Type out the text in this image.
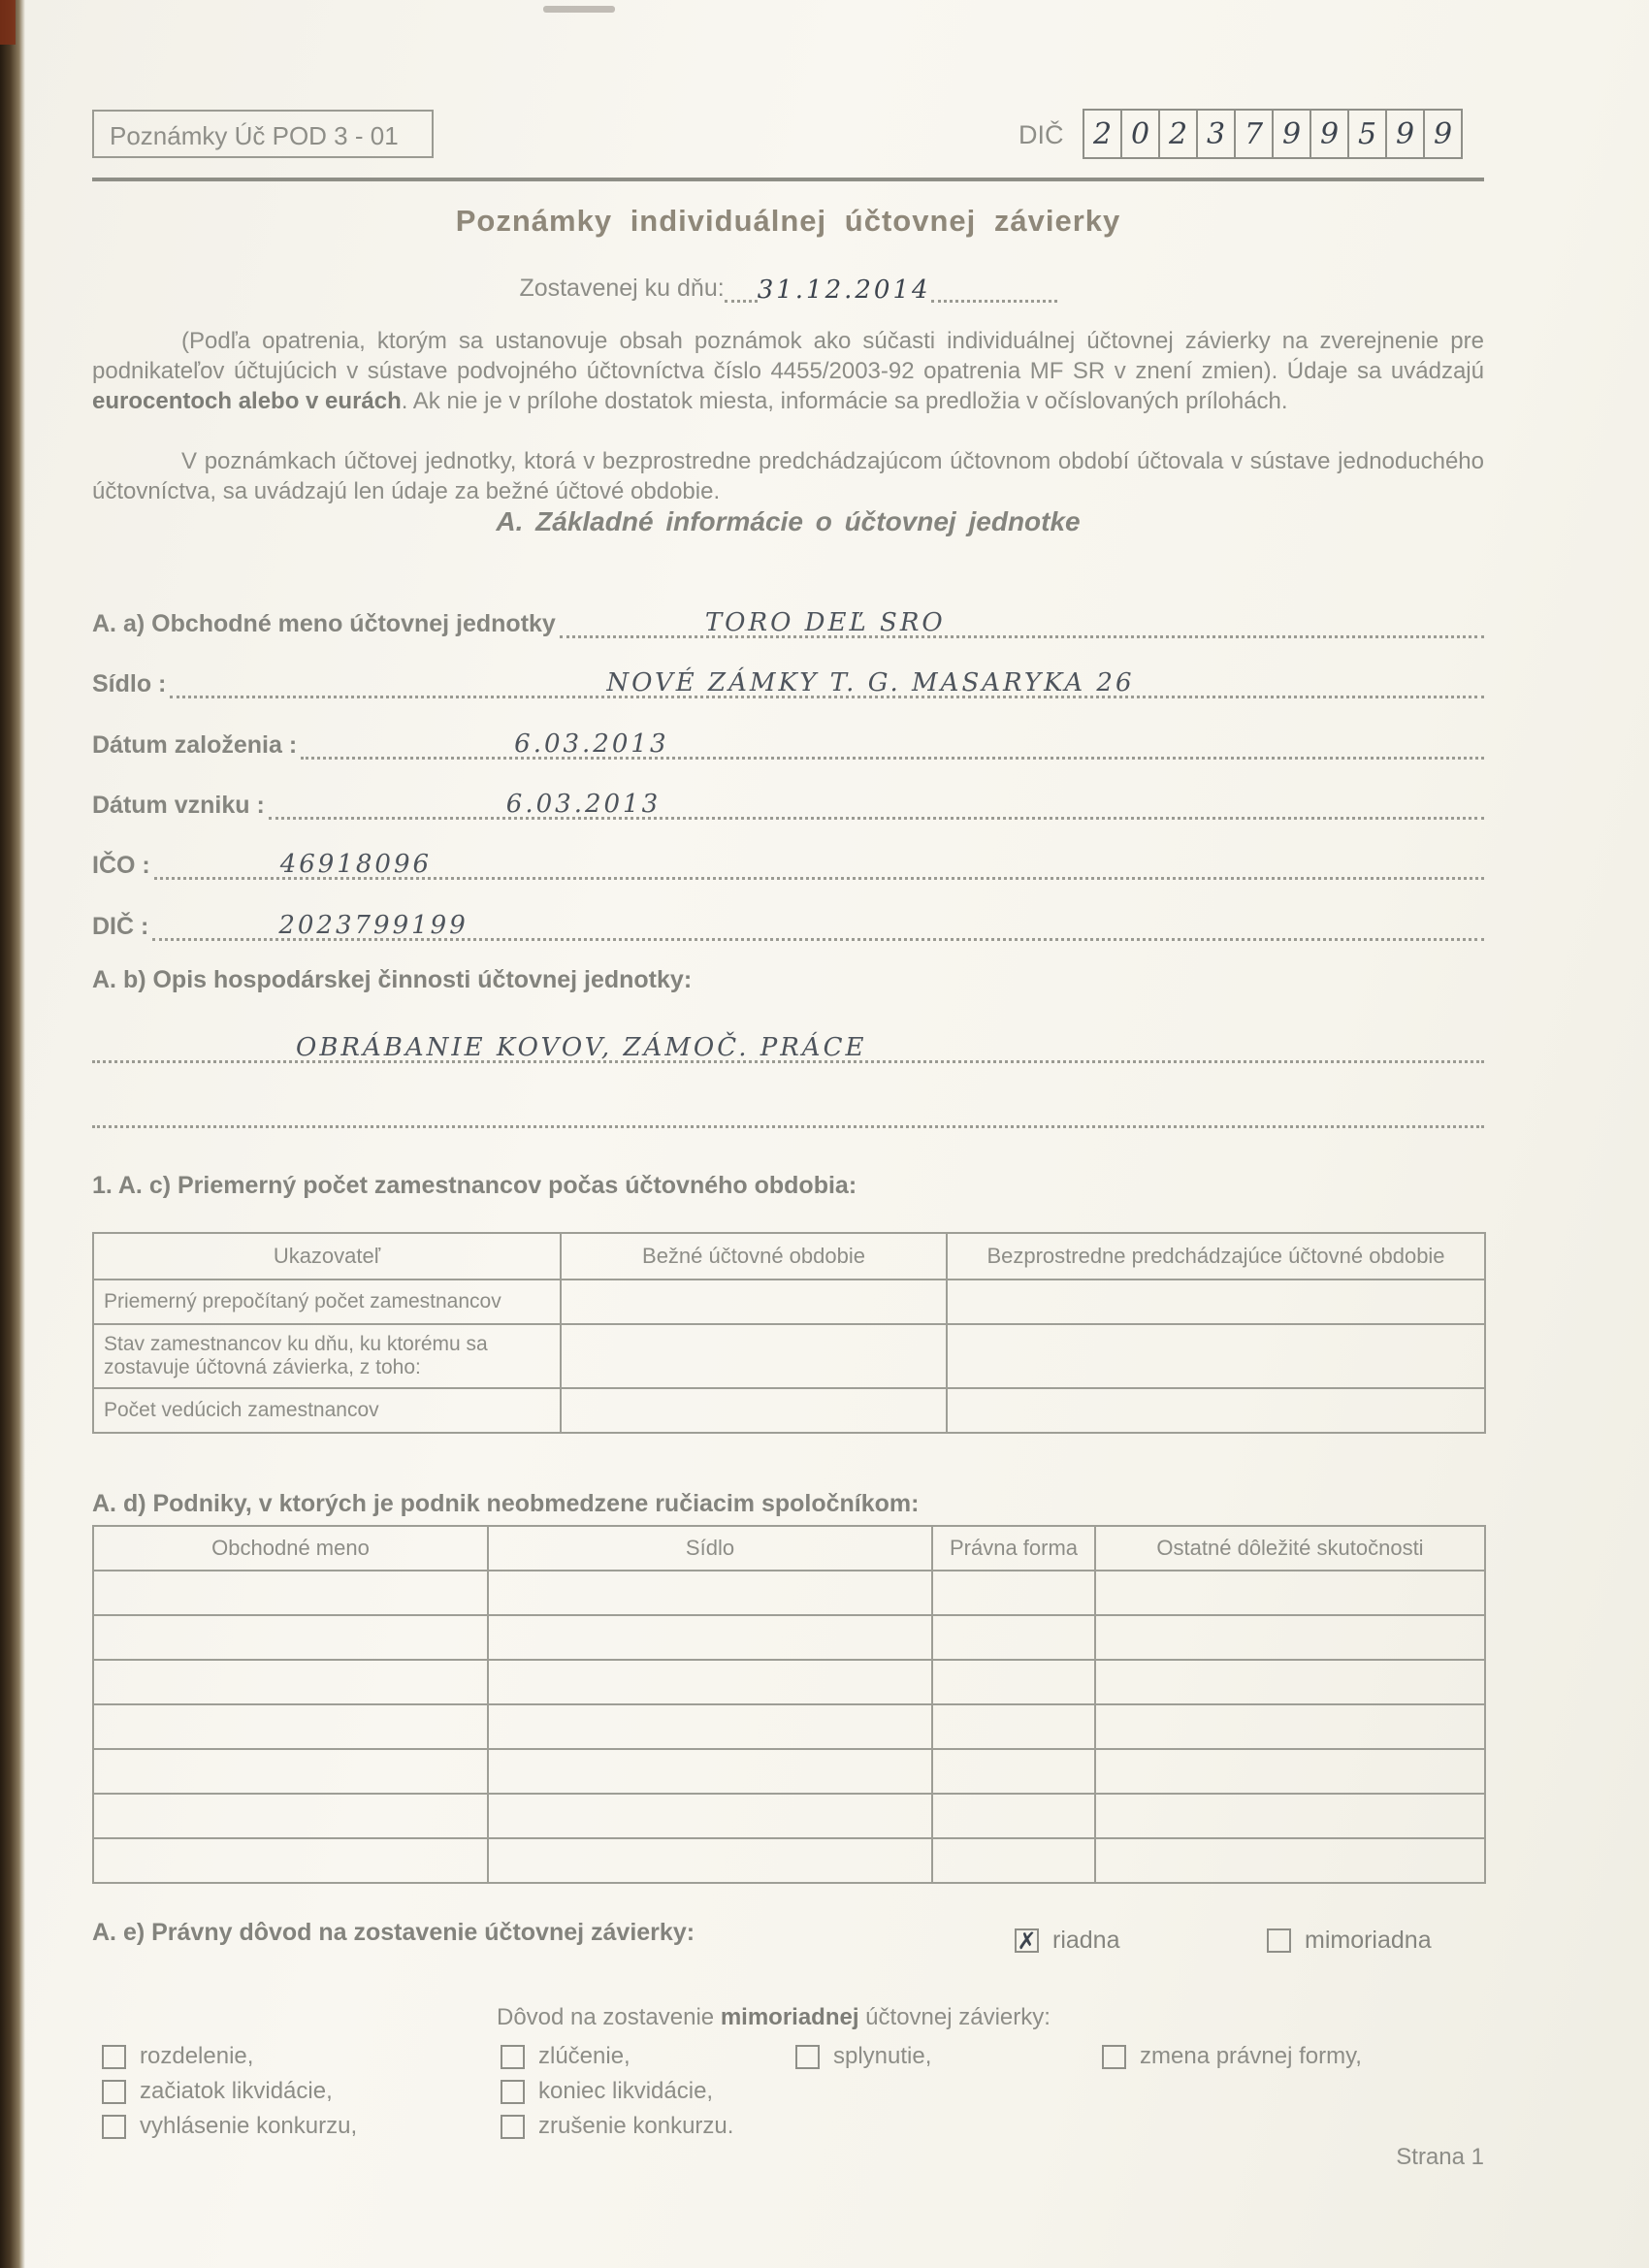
Poznámky Úč POD 3 - 01	DIČ 2 0 2 3 7 9 9 5 9 9
Poznámky individuálnej účtovnej závierky
Zostavenej ku dňu: 31.12.2014
(Podľa opatrenia, ktorým sa ustanovuje obsah poznámok ako súčasti individuálnej účtovnej závierky na zverejnenie pre podnikateľov účtujúcich v sústave podvojného účtovníctva číslo 4455/2003-92 opatrenia MF SR v znení zmien). Údaje sa uvádzajú eurocentoch alebo v eurách. Ak nie je v prílohe dostatok miesta, informácie sa predložia v očíslovaných prílohách.
V poznámkach účtovej jednotky, ktorá v bezprostredne predchádzajúcom účtovnom období účtovala v sústave jednoduchého účtovníctva, sa uvádzajú len údaje za bežné účtové obdobie.
A. Základné informácie o účtovnej jednotke
A. a) Obchodné meno účtovnej jednotky	TORO DEĽ SRO
Sídlo :	NOVÉ ZÁMKY T. G. MASARYKA 26
Dátum založenia :	6.03.2013
Dátum vzniku :	6.03.2013
IČO :	46918096
DIČ :	2023799199
A. b) Opis hospodárskej činnosti účtovnej jednotky:
OBRÁBANIE KOVOV, ZÁMOČ. PRÁCE
1. A. c) Priemerný počet zamestnancov počas účtovného obdobia:
Ukazovateľ	Bežné účtovné obdobie	Bezprostredne predchádzajúce účtovné obdobie
Priemerný prepočítaný počet zamestnancov		
Stav zamestnancov ku dňu, ku ktorému sa zostavuje účtovná závierka, z toho:		
Počet vedúcich zamestnancov		
A. d) Podniky, v ktorých je podnik neobmedzene ručiacim spoločníkom:
Obchodné meno	Sídlo	Právna forma	Ostatné dôležité skutočnosti

A. e) Právny dôvod na zostavenie účtovnej závierky:	✗ riadna	mimoriadna
Dôvod na zostavenie mimoriadnej účtovnej závierky:
rozdelenie,	zlúčenie,	splynutie,	zmena právnej formy,
začiatok likvidácie,	koniec likvidácie,
vyhlásenie konkurzu,	zrušenie konkurzu.
Strana 1
